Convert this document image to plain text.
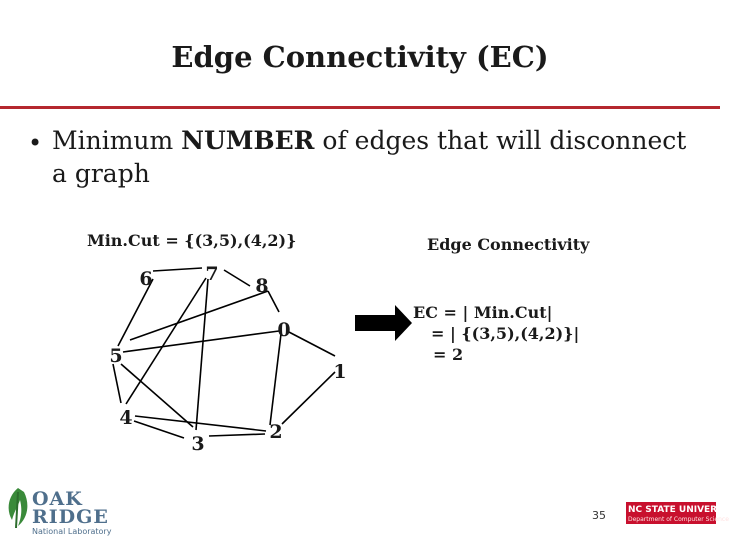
Edge Connectivity (EC)
• Minimum NUMBER of edges that will disconnect a graph
Min.Cut = {(3,5),(4,2)}	Edge Connectivity
EC = | Min.Cut|
= | {(3,5),(4,2)}|
= 2
6	7
8
0
5
1
4
3
2
OAK
RIDGE
National Laboratory
35 NC STATE UNIVERSITY
Department of Computer Science
